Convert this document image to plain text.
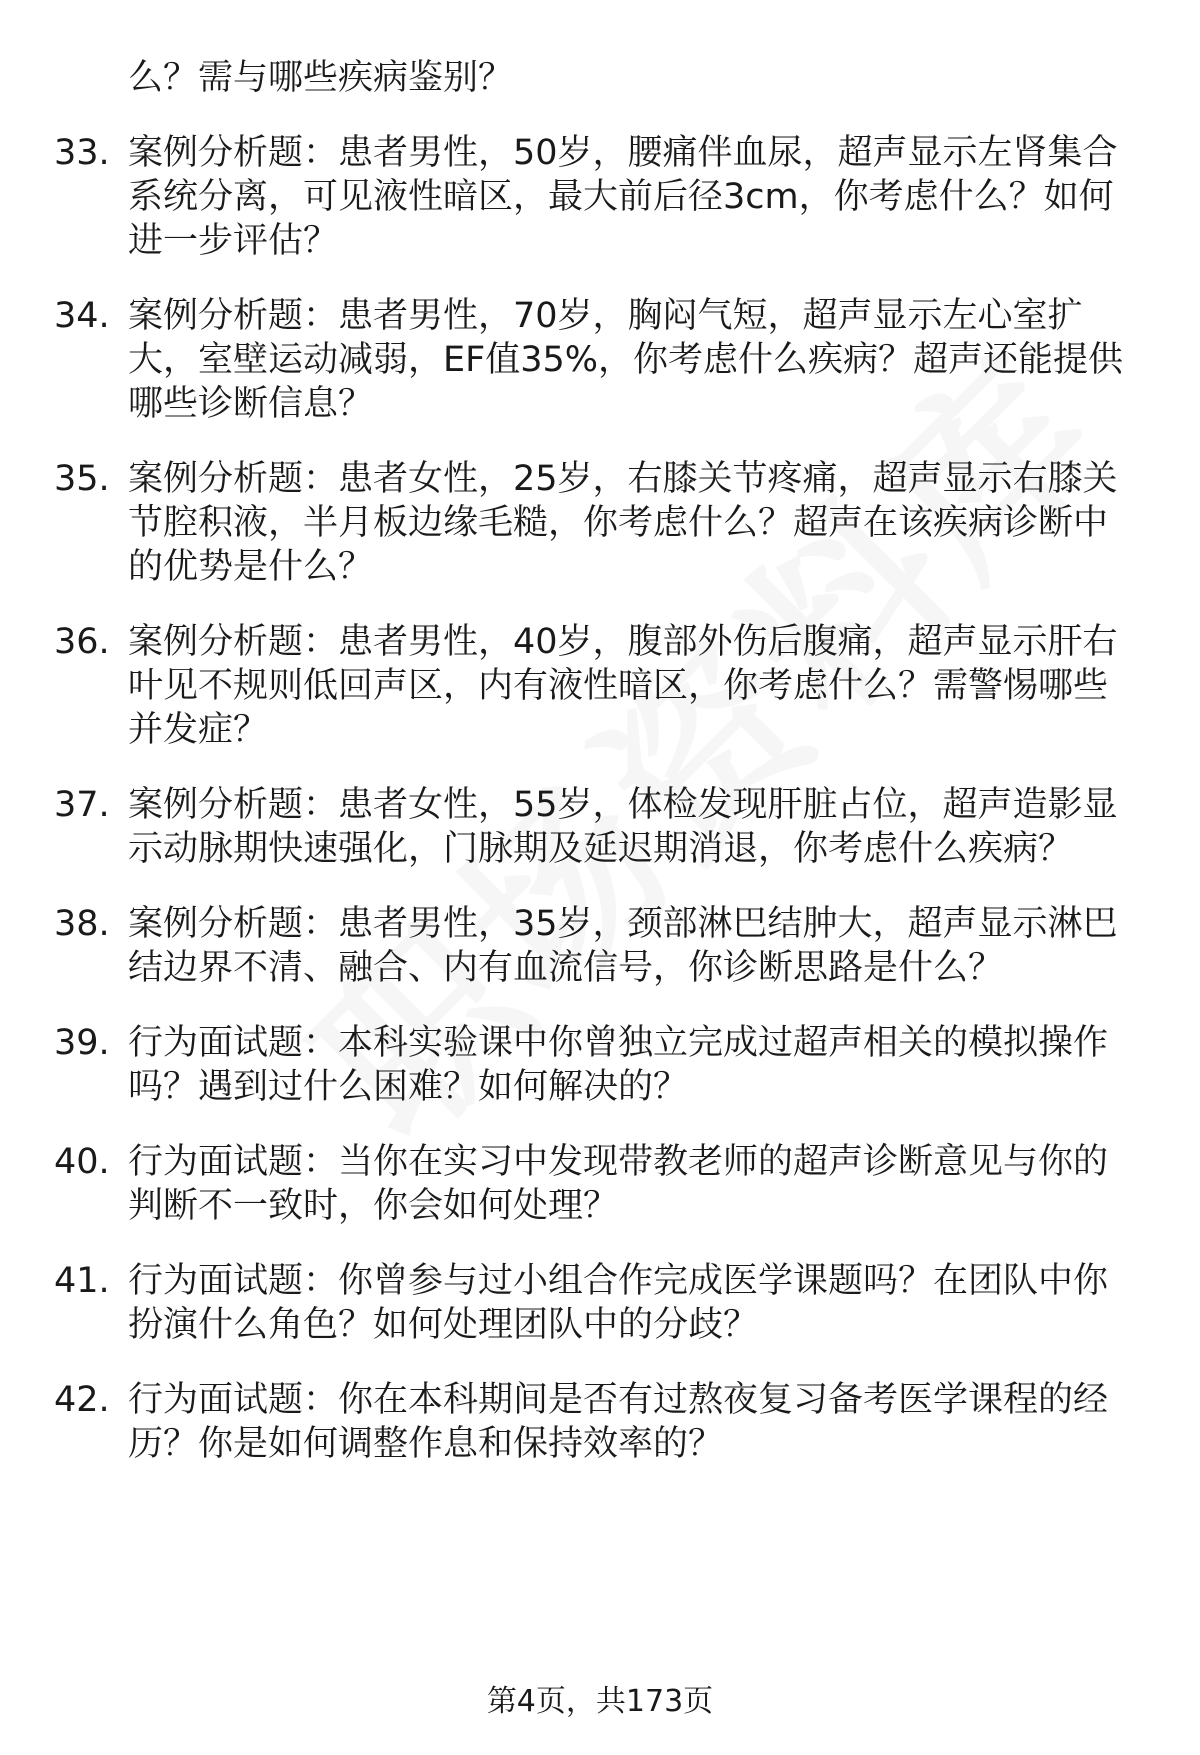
么？需与哪些疾病鉴别？
33. 案例分析题：患者男性，50岁，腰痛伴血尿，超声显示左肾集合
系统分离，可见液性暗区，最大前后径3cm，你考虑什么？如何
进一步评估？
34. 案例分析题：患者男性，70岁，胸闷气短，超声显示左心室扩
大，室壁运动减弱，EF值35%，你考虑什么疾病？超声还能提供
哪些诊断信息？
35. 案例分析题：患者女性，25岁，右膝关节疼痛，超声显示右膝关
节腔积液，半月板边缘毛糙，你考虑什么？超声在该疾病诊断中
的优势是什么？
36. 案例分析题：患者男性，40岁，腹部外伤后腹痛，超声显示肝右
叶见不规则低回声区，内有液性暗区，你考虑什么？需警惕哪些
并发症？
37. 案例分析题：患者女性，55岁，体检发现肝脏占位，超声造影显
示动脉期快速强化，门脉期及延迟期消退，你考虑什么疾病？
38. 案例分析题：患者男性，35岁，颈部淋巴结肿大，超声显示淋巴
结边界不清、融合、内有血流信号，你诊断思路是什么？
39. 行为面试题：本科实验课中你曾独立完成过超声相关的模拟操作
吗？遇到过什么困难？如何解决的？
40. 行为面试题：当你在实习中发现带教老师的超声诊断意见与你的
判断不一致时，你会如何处理？
41. 行为面试题：你曾参与过小组合作完成医学课题吗？在团队中你
扮演什么角色？如何处理团队中的分歧？
42. 行为面试题：你在本科期间是否有过熬夜复习备考医学课程的经
历？你是如何调整作息和保持效率的？
第4页，共173页
